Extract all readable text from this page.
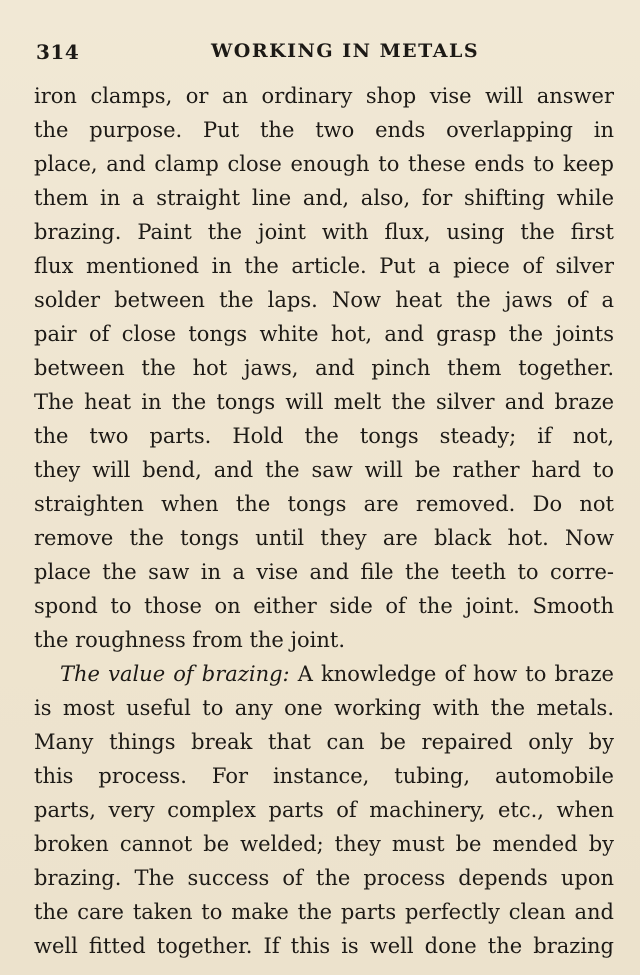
314	WORKING IN METALS
iron clamps, or an ordinary shop vise will answer
the purpose. Put the two ends overlapping in
place, and clamp close enough to these ends to keep
them in a straight line and, also, for shifting while
brazing. Paint the joint with flux, using the first
flux mentioned in the article. Put a piece of silver
solder between the laps. Now heat the jaws of a
pair of close tongs white hot, and grasp the joints
between the hot jaws, and pinch them together.
The heat in the tongs will melt the silver and braze
the two parts. Hold the tongs steady; if not,
they will bend, and the saw will be rather hard to
straighten when the tongs are removed. Do not
remove the tongs until they are black hot. Now
place the saw in a vise and file the teeth to corre-
spond to those on either side of the joint. Smooth
the roughness from the joint.
The value of brazing: A knowledge of how to braze
is most useful to any one working with the metals.
Many things break that can be repaired only by
this process. For instance, tubing, automobile
parts, very complex parts of machinery, etc., when
broken cannot be welded; they must be mended by
brazing. The success of the process depends upon
the care taken to make the parts perfectly clean and
well fitted together. If this is well done the brazing
